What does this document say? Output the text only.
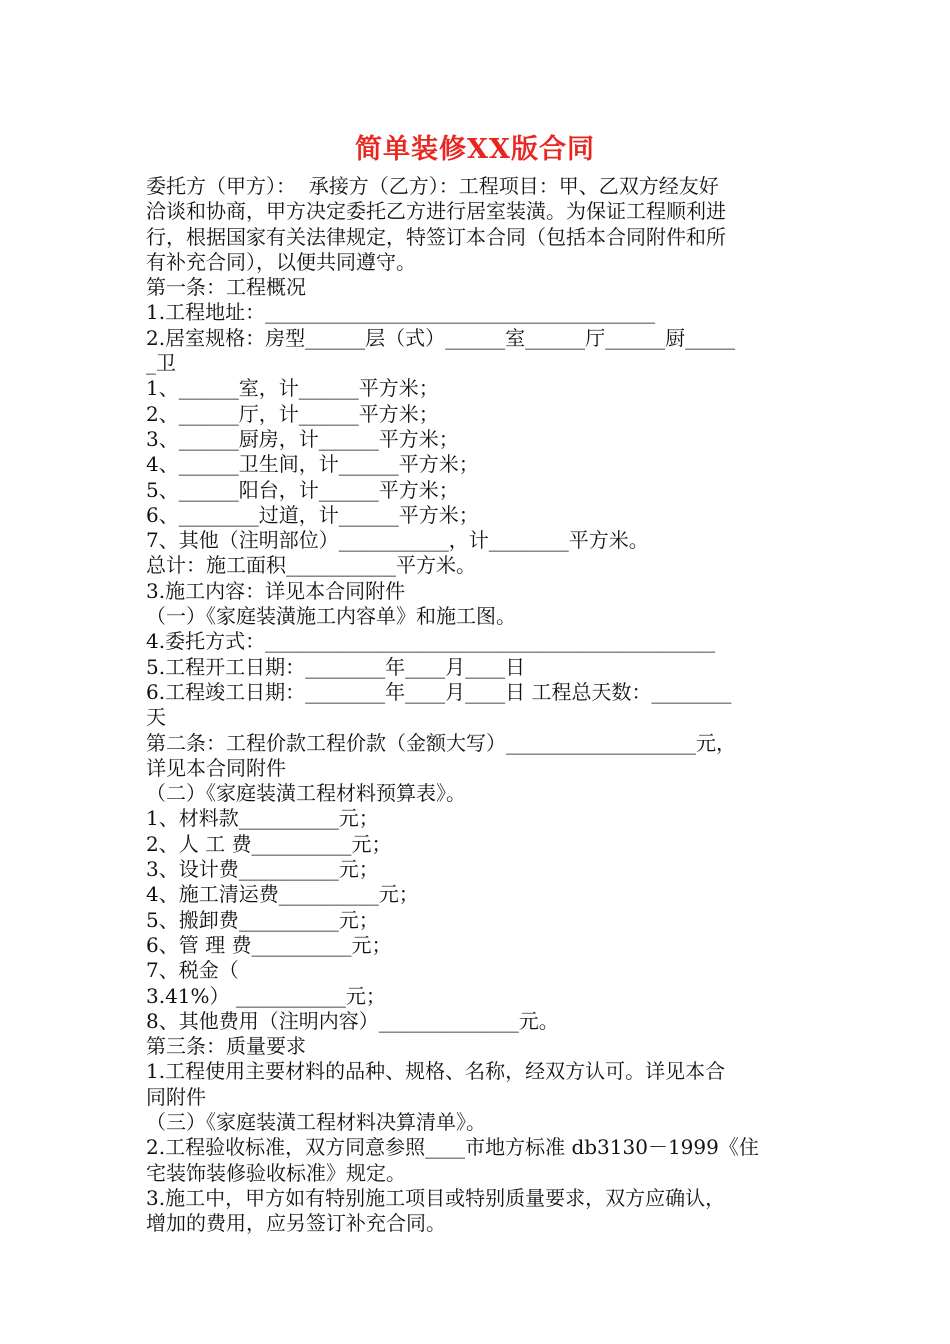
简单装修XX版合同

委托方（甲方）：  承接方（乙方）：工程项目：甲、乙双方经友好

洽谈和协商，甲方决定委托乙方进行居室装潢。为保证工程顺利进

行，根据国家有关法律规定，特签订本合同（包括本合同附件和所

有补充合同），以便共同遵守。

第一条：工程概况

1.工程地址：_______________________________________

2.居室规格：房型______层（式）______室______厅______厨_____

_卫

1、______室，计______平方米；

2、______厅，计______平方米；

3、______厨房，计______平方米；

4、______卫生间，计______平方米；

5、______阳台，计______平方米；

6、________过道，计______平方米；

7、其他（注明部位）___________，计________平方米。

总计：施工面积___________平方米。

3.施工内容：详见本合同附件

（一）《家庭装潢施工内容单》和施工图。

4.委托方式：_____________________________________________

5.工程开工日期：________年____月____日

6.工程竣工日期：________年____月____日 工程总天数：________

天

第二条：工程价款工程价款（金额大写）___________________元，

详见本合同附件

（二）《家庭装潢工程材料预算表》。

1、材料款__________元；

2、人 工 费__________元；

3、设计费__________元；

4、施工清运费__________元；

5、搬卸费__________元；

6、管 理 费__________元；

7、税金（

3.41%） ___________元；

8、其他费用（注明内容）______________元。

第三条：质量要求

1.工程使用主要材料的品种、规格、名称，经双方认可。详见本合

同附件

（三）《家庭装潢工程材料决算清单》。

2.工程验收标准，双方同意参照____市地方标准 db3130－1999《住

宅装饰装修验收标准》规定。

3.施工中，甲方如有特别施工项目或特别质量要求，双方应确认，

增加的费用，应另签订补充合同。
